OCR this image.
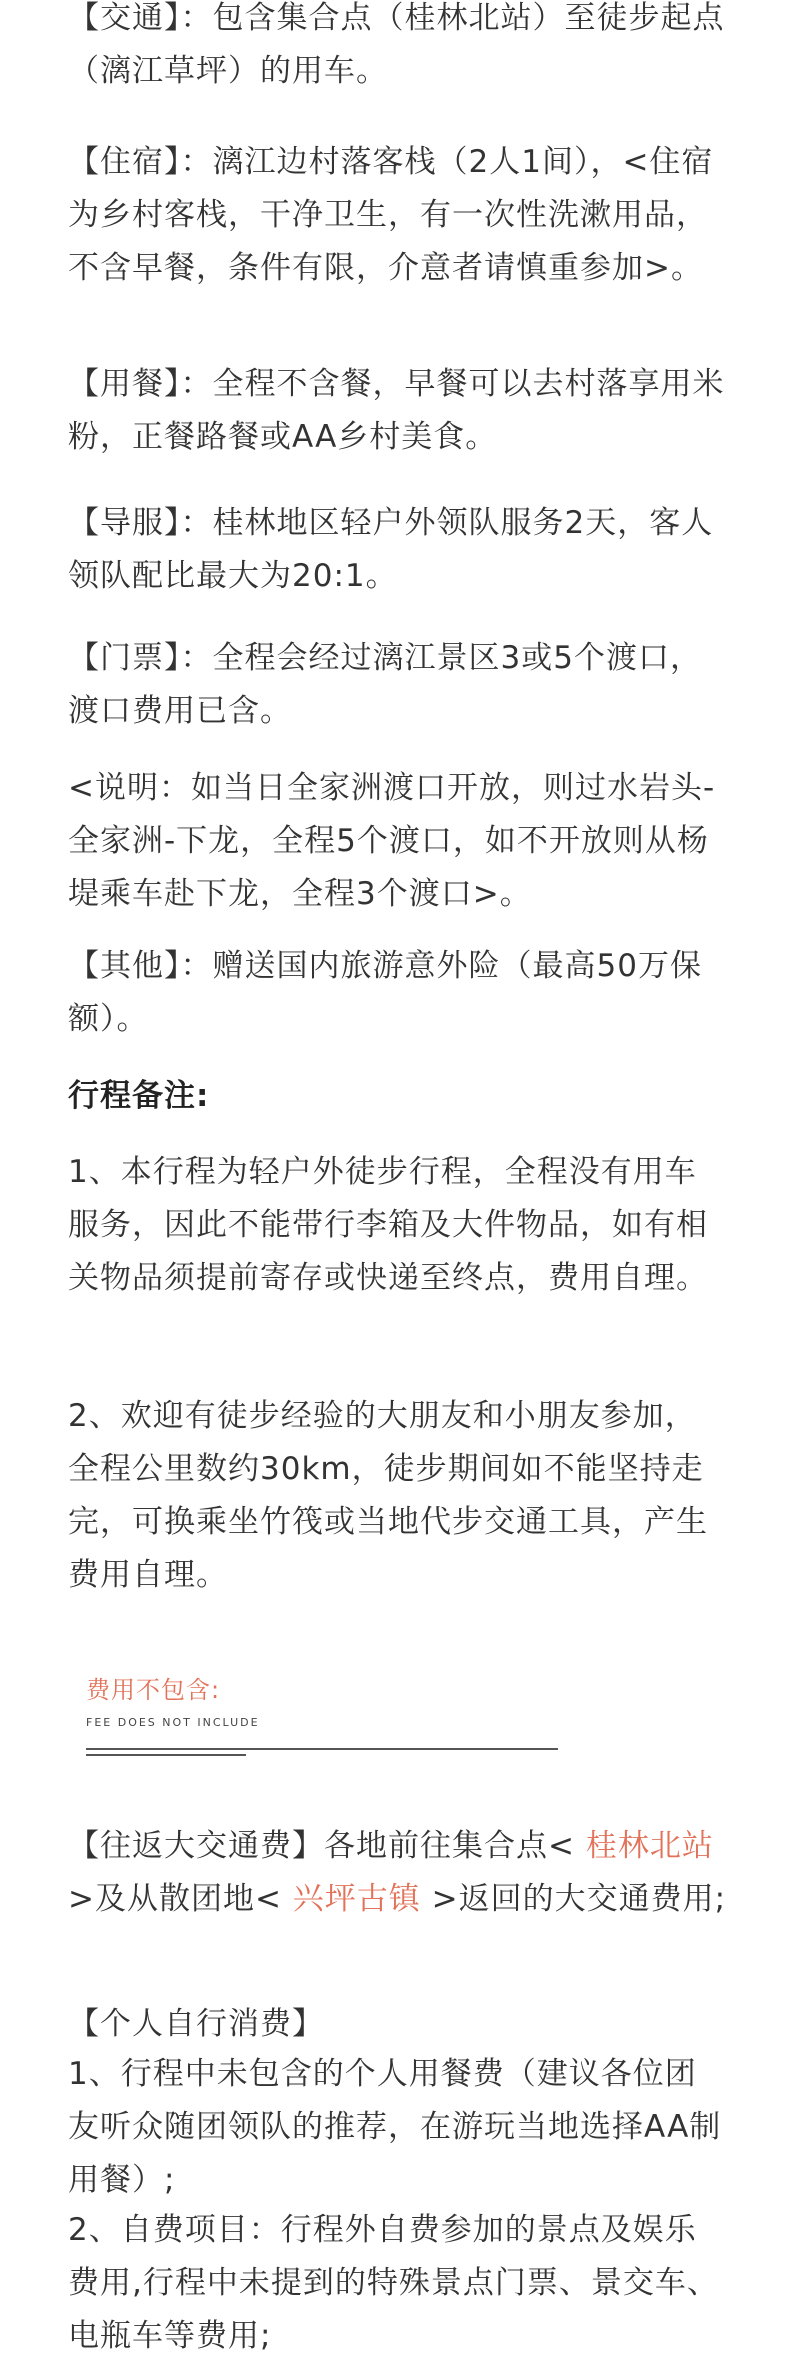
【交通】：包含集合点（桂林北站）至徒步起点（漓江草坪）的用车。

【住宿】：漓江边村落客栈（2人1间），<住宿为乡村客栈，干净卫生，有一次性洗漱用品，不含早餐，条件有限，介意者请慎重参加>。

【用餐】：全程不含餐，早餐可以去村落享用米粉，正餐路餐或AA乡村美食。

【导服】：桂林地区轻户外领队服务2天，客人领队配比最大为20:1。

【门票】：全程会经过漓江景区3或5个渡口，渡口费用已含。

<说明：如当日全家洲渡口开放，则过水岩头-全家洲-下龙，全程5个渡口，如不开放则从杨堤乘车赴下龙，全程3个渡口>。

【其他】：赠送国内旅游意外险（最高50万保额）。

行程备注:

1、本行程为轻户外徒步行程，全程没有用车服务，因此不能带行李箱及大件物品，如有相关物品须提前寄存或快递至终点，费用自理。

2、欢迎有徒步经验的大朋友和小朋友参加，全程公里数约30km，徒步期间如不能坚持走完，可换乘坐竹筏或当地代步交通工具，产生费用自理。

【往返大交通费】各地前往集合点< 桂林北站 >及从散团地< 兴坪古镇 >返回的大交通费用;

【个人自行消费】

1、行程中未包含的个人用餐费（建议各位团友听众随团领队的推荐，在游玩当地选择AA制用餐）;

2、自费项目：行程外自费参加的景点及娱乐费用,行程中未提到的特殊景点门票、景交车、电瓶车等费用;

费用不包含:
FEE DOES NOT INCLUDE
